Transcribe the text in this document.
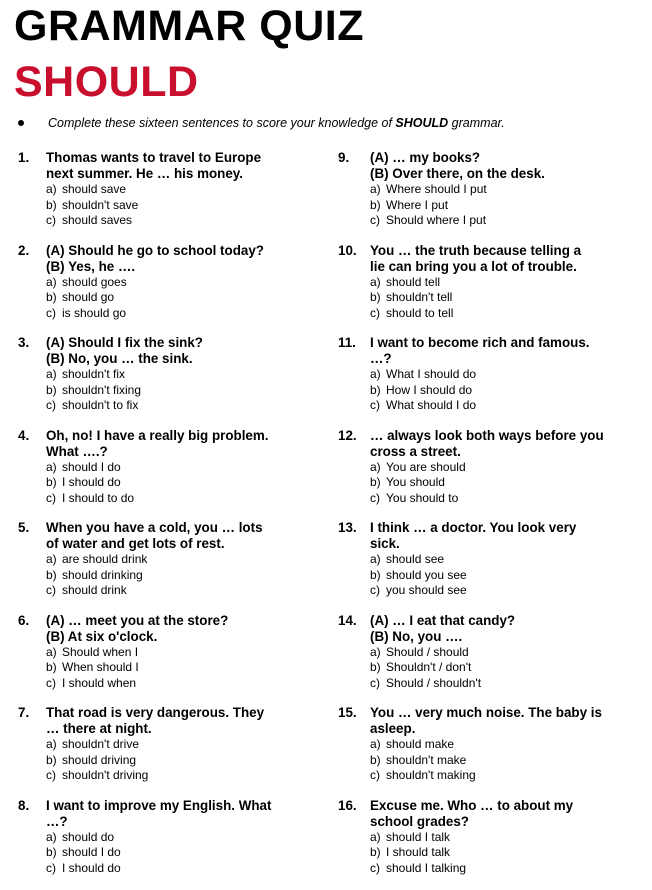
GRAMMAR QUIZ
SHOULD
Complete these sixteen sentences to score your knowledge of SHOULD grammar.
1.	Thomas wants to travel to Europe
next summer. He … his money.
a) should save
b) shouldn't save
c) should saves
2.	(A) Should he go to school today?
(B) Yes, he ….
a) should goes
b) should go
c) is should go
3.	(A) Should I fix the sink?
(B) No, you … the sink.
a) shouldn't fix
b) shouldn't fixing
c) shouldn't to fix
4.	Oh, no! I have a really big problem.
What ….?
a) should I do
b) I should do
c) I should to do
5.	When you have a cold, you … lots
of water and get lots of rest.
a) are should drink
b) should drinking
c) should drink
6.	(A) … meet you at the store?
(B) At six o'clock.
a) Should when I
b) When should I
c) I should when
7.	That road is very dangerous. They
… there at night.
a) shouldn't drive
b) should driving
c) shouldn't driving
8.	I want to improve my English. What
…?
a) should do
b) should I do
c) I should do
9.	(A) … my books?
(B) Over there, on the desk.
a) Where should I put
b) Where I put
c) Should where I put
10. You … the truth because telling a
lie can bring you a lot of trouble.
a) should tell
b) shouldn't tell
c) should to tell
11.	I want to become rich and famous.
…?
a) What I should do
b) How I should do
c) What should I do
12. … always look both ways before you
cross a street.
a) You are should
b) You should
c) You should to
13. I think … a doctor. You look very
sick.
a) should see
b) should you see
c) you should see
14. (A) … I eat that candy?
(B) No, you ….
a) Should / should
b) Shouldn't / don't
c) Should / shouldn't
15. You … very much noise. The baby is
asleep.
a) should make
b) shouldn't make
c) shouldn't making
16. Excuse me. Who … to about my
school grades?
a) should I talk
b) I should talk
c) should I talking
